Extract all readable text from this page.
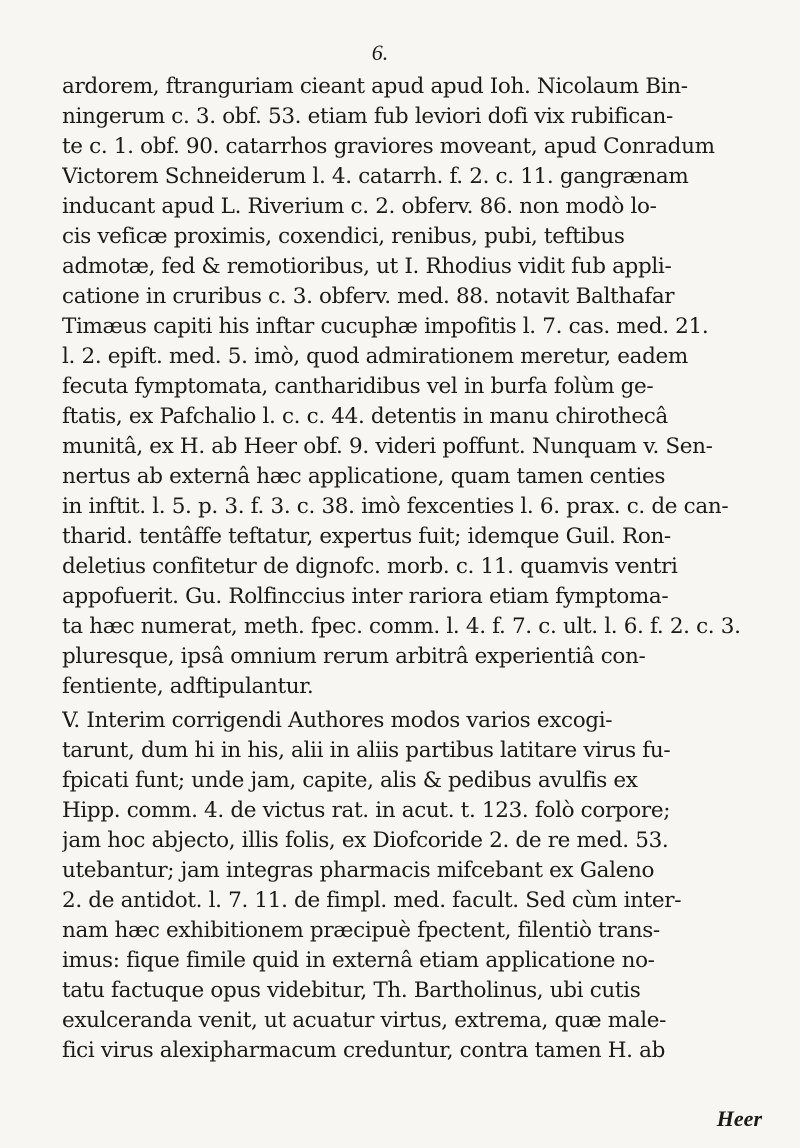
6.
ardorem, ftranguriam cieant apud apud Ioh. Nicolaum Bin-
ningerum c. 3. obf. 53. etiam fub leviori dofi vix rubifican-
te c. 1. obf. 90. catarrhos graviores moveant, apud Conradum
Victorem Schneiderum l. 4. catarrh. f. 2. c. 11. gangrænam
inducant apud L. Riverium c. 2. obferv. 86. non modò lo-
cis veficæ proximis, coxendici, renibus, pubi, teftibus
admotæ, fed & remotioribus, ut I. Rhodius vidit fub appli-
catione in cruribus c. 3. obferv. med. 88. notavit Balthafar
Timæus capiti his inftar cucuphæ impofitis l. 7. cas. med. 21.
l. 2. epift. med. 5. imò, quod admirationem meretur, eadem
fecuta fymptomata, cantharidibus vel in burfa folùm ge-
ftatis, ex Pafchalio l. c. c. 44. detentis in manu chirothecâ
munitâ, ex H. ab Heer obf. 9. videri poffunt. Nunquam v. Sen-
nertus ab externâ hæc applicatione, quam tamen centies
in inftit. l. 5. p. 3. f. 3. c. 38. imò fexcenties l. 6. prax. c. de can-
tharid. tentâffe teftatur, expertus fuit; idemque Guil. Ron-
deletius confitetur de dignofc. morb. c. 11. quamvis ventri
appofuerit. Gu. Rolfinccius inter rariora etiam fymptoma-
ta hæc numerat, meth. fpec. comm. l. 4. f. 7. c. ult. l. 6. f. 2. c. 3.
pluresque, ipsâ omnium rerum arbitrâ experientiâ con-
fentiente, adftipulantur.
V. Interim corrigendi Authores modos varios excogi-
tarunt, dum hi in his, alii in aliis partibus latitare virus fu-
fpicati funt; unde jam, capite, alis & pedibus avulfis ex
Hipp. comm. 4. de victus rat. in acut. t. 123. folò corpore;
jam hoc abjecto, illis folis, ex Diofcoride 2. de re med. 53.
utebantur; jam integras pharmacis mifcebant ex Galeno
2. de antidot. l. 7. 11. de fimpl. med. facult. Sed cùm inter-
nam hæc exhibitionem præcipuè fpectent, filentiò trans-
imus: fique fimile quid in externâ etiam applicatione no-
tatu factuque opus videbitur, Th. Bartholinus, ubi cutis
exulceranda venit, ut acuatur virtus, extrema, quæ male-
fici virus alexipharmacum creduntur, contra tamen H. ab
Heer
